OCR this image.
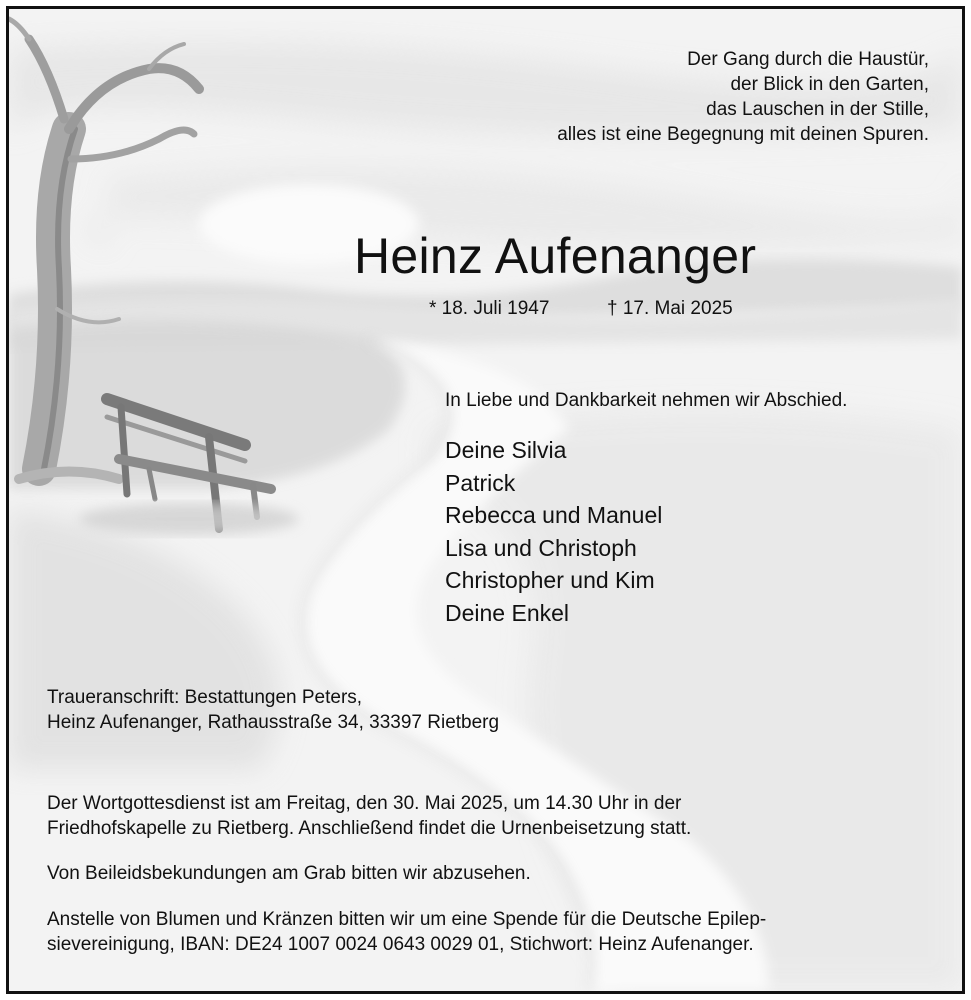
Der Gang durch die Haustür,
der Blick in den Garten,
das Lauschen in der Stille,
alles ist eine Begegnung mit deinen Spuren.
Heinz Aufenanger
* 18. Juli 1947	† 17. Mai 2025
In Liebe und Dankbarkeit nehmen wir Abschied.
Deine Silvia
Patrick
Rebecca und Manuel
Lisa und Christoph
Christopher und Kim
Deine Enkel
Traueranschrift: Bestattungen Peters,
Heinz Aufenanger, Rathausstraße 34, 33397 Rietberg
Der Wortgottesdienst ist am Freitag, den 30. Mai 2025, um 14.30 Uhr in der
Friedhofskapelle zu Rietberg. Anschließend findet die Urnenbeisetzung statt.
Von Beileidsbekundungen am Grab bitten wir abzusehen.
Anstelle von Blumen und Kränzen bitten wir um eine Spende für die Deutsche Epilep-
sievereinigung, IBAN: DE24 1007 0024 0643 0029 01, Stichwort: Heinz Aufenanger.
